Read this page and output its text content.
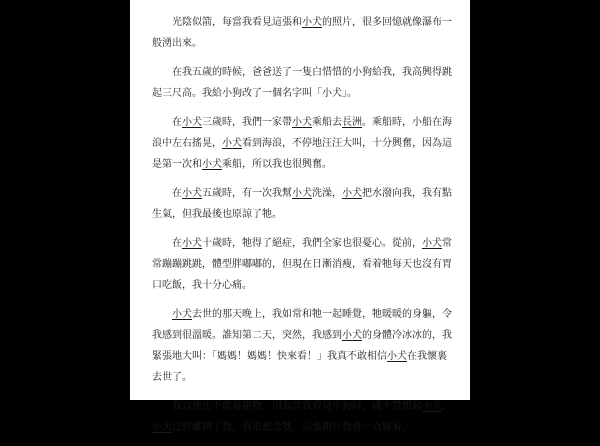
光陰似箭，每當我看見這張和小犬的照片，很多回憶就像瀑布一般湧出來。

在我五歲的時候，爸爸送了一隻白惜惜的小狗給我，我高興得跳起三尺高。我給小狗改了一個名字叫「小犬」。

在小犬三歲時，我們一家帶小犬乘船去長洲。乘船時，小船在海浪中左右搖晃，小犬看到海浪，不停地汪汪大叫，十分興奮，因為這是第一次和小犬乘船，所以我也很興奮。

在小犬五歲時，有一次我幫小犬洗澡，小犬把水潑向我，我有點生氣，但我最後也原諒了牠。

在小犬十歲時，牠得了絕症，我們全家也很憂心。從前，小犬常常蹦蹦跳跳，體型胖嘟嘟的，但現在日漸消瘦，看着牠每天也沒有胃口吃飯，我十分心痛。

小犬去世的那天晚上，我如常和牠一起睡覺，牠暖暖的身軀，令我感到很溫暖。誰知第二天，突然，我感到小犬的身體冷冰冰的，我緊張地大叫：「媽媽！媽媽！快來看！」我真不敢相信小犬在我懷裏去世了。

我以後也不敢養寵物，因為當我看見小狗時，就不禁想起小犬，小犬已經離開了我，我很想念牠，這張相片我會一直留着。
